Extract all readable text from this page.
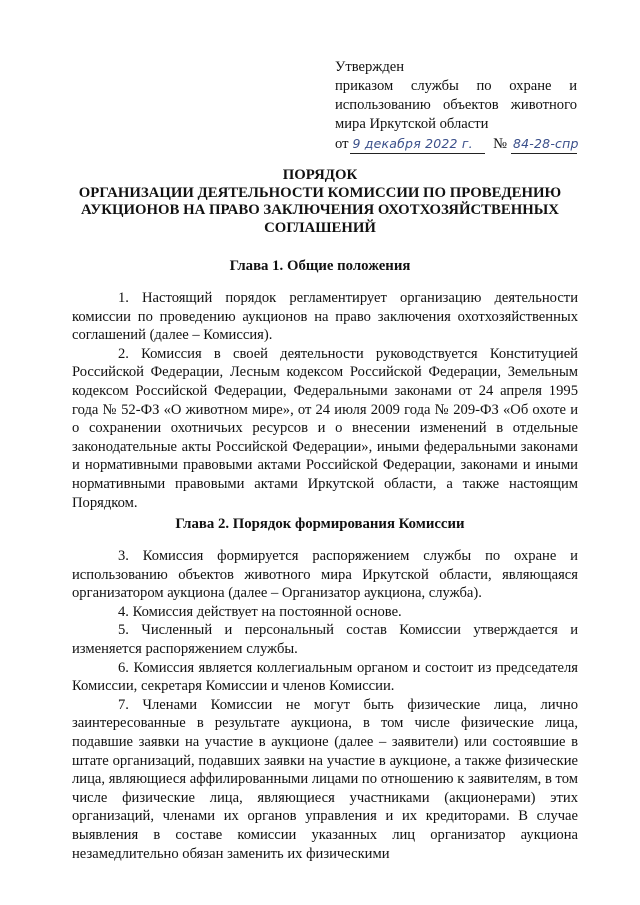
Утвержден
приказом службы по охране и
использованию объектов животного
мира Иркутской области
от 9 декабря 2022 г.	№ 84-28-спр
ПОРЯДОК
ОРГАНИЗАЦИИ ДЕЯТЕЛЬНОСТИ КОМИССИИ ПО ПРОВЕДЕНИЮ
АУКЦИОНОВ НА ПРАВО ЗАКЛЮЧЕНИЯ ОХОТХОЗЯЙСТВЕННЫХ
СОГЛАШЕНИЙ
Глава 1. Общие положения

1. Настоящий порядок регламентирует организацию деятельности комиссии по проведению аукционов на право заключения охотхозяйственных соглашений (далее – Комиссия).

2. Комиссия в своей деятельности руководствуется Конституцией Российской Федерации, Лесным кодексом Российской Федерации, Земельным кодексом Российской Федерации, Федеральными законами от 24 апреля 1995 года № 52-ФЗ «О животном мире», от 24 июля 2009 года № 209-ФЗ «Об охоте и о сохранении охотничьих ресурсов и о внесении изменений в отдельные законодательные акты Российской Федерации», иными федеральными законами и нормативными правовыми актами Российской Федерации, законами и иными нормативными правовыми актами Иркутской области, а также настоящим Порядком.

Глава 2. Порядок формирования Комиссии

3. Комиссия формируется распоряжением службы по охране и использованию объектов животного мира Иркутской области, являющаяся организатором аукциона (далее – Организатор аукциона, служба).

4. Комиссия действует на постоянной основе.

5. Численный и персональный состав Комиссии утверждается и изменяется распоряжением службы.

6. Комиссия является коллегиальным органом и состоит из председателя Комиссии, секретаря Комиссии и членов Комиссии.

7. Членами Комиссии не могут быть физические лица, лично заинтересованные в результате аукциона, в том числе физические лица, подавшие заявки на участие в аукционе (далее – заявители) или состоявшие в штате организаций, подавших заявки на участие в аукционе, а также физические лица, являющиеся аффилированными лицами по отношению к заявителям, в том числе физические лица, являющиеся участниками (акционерами) этих организаций, членами их органов управления и их кредиторами. В случае выявления в составе комиссии указанных лиц организатор аукциона незамедлительно обязан заменить их физическими
